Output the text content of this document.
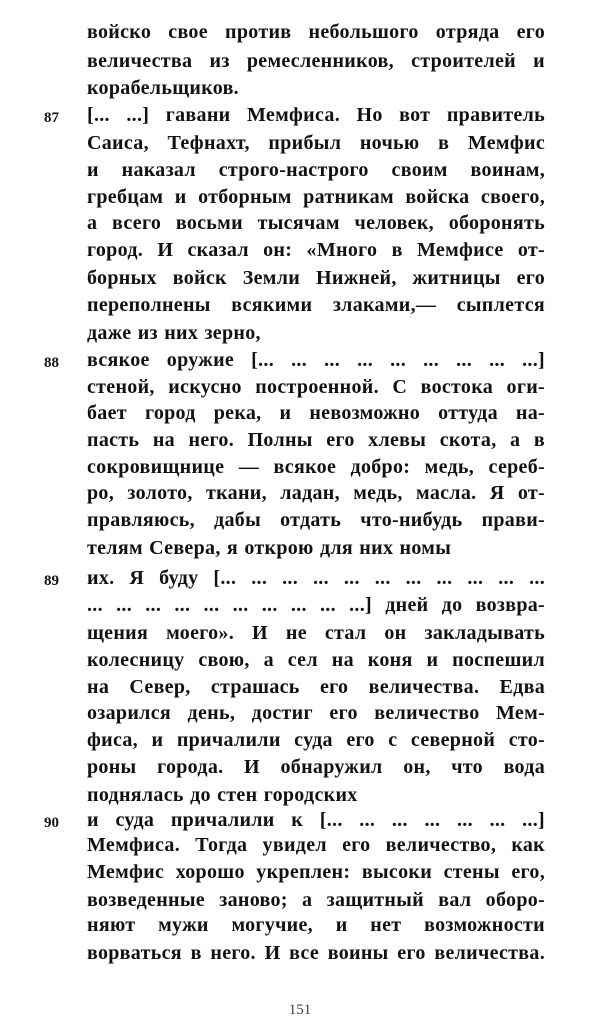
войско свое против небольшого отряда его
величества из ремесленников, строителей и
корабельщиков.
87 [... ...] гавани Мемфиса. Но вот правитель
Саиса, Тефнахт, прибыл ночью в Мемфис
и наказал строго-настрого своим воинам,
гребцам и отборным ратникам войска своего,
а всего восьми тысячам человек, оборонять
город. И сказал он: «Много в Мемфисе от-
борных войск Земли Нижней, житницы его
переполнены всякими злаками,— сыплется
даже из них зерно,
88 всякое оружие [... ... ... ... ... ... ... ... ...]
стеной, искусно построенной. С востока оги-
бает город река, и невозможно оттуда на-
пасть на него. Полны его хлевы скота, а в
сокровищнице — всякое добро: медь, сереб-
ро, золото, ткани, ладан, медь, масла. Я от-
правляюсь, дабы отдать что-нибудь прави-
телям Севера, я открою для них номы
89 их. Я буду [... ... ... ... ... ... ... ... ... ... ...
... ... ... ... ... ... ... ... ... ...] дней до возвра-
щения моего». И не стал он закладывать
колесницу свою, а сел на коня и поспешил
на Север, страшась его величества. Едва
озарился день, достиг его величество Мем-
фиса, и причалили суда его с северной сто-
роны города. И обнаружил он, что вода
поднялась до стен городских
90 и суда причалили к [... ... ... ... ... ... ...]
Мемфиса. Тогда увидел его величество, как
Мемфис хорошо укреплен: высоки стены его,
возведенные заново; а защитный вал оборо-
няют мужи могучие, и нет возможности
ворваться в него. И все воины его величества.
151
